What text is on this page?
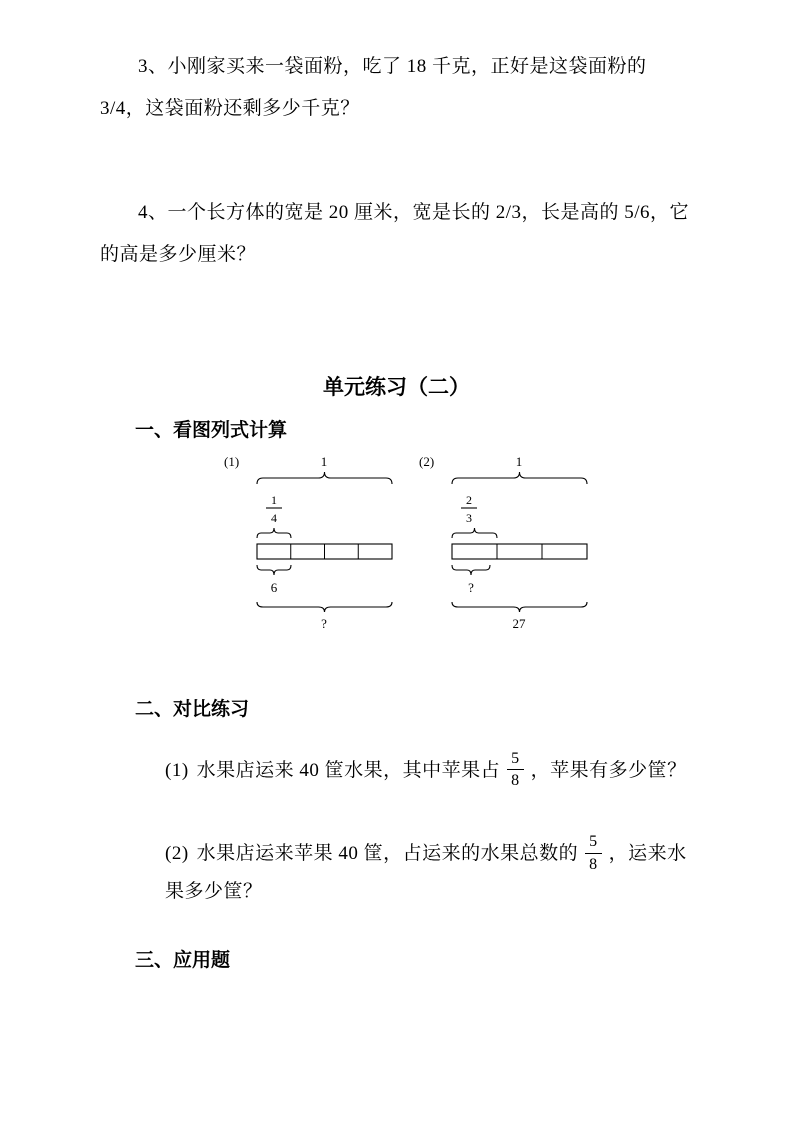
3、小刚家买来一袋面粉，吃了 18 千克，正好是这袋面粉的 3/4，这袋面粉还剩多少千克？

4、一个长方体的宽是 20 厘米，宽是长的 2/3，长是高的 5/6，它的高是多少厘米？

单元练习（二）
一、看图列式计算
(1)	1
1
4
6
?
(2)	1
2
3
?
27
二、对比练习
(1) 水果店运来 40 筐水果，其中苹果占 $\frac{5}{8}$ ，苹果有多少筐？
(2) 水果店运来苹果 40 筐，占运来的水果总数的 $\frac{5}{8}$ ，运来水果多少筐？
三、应用题
